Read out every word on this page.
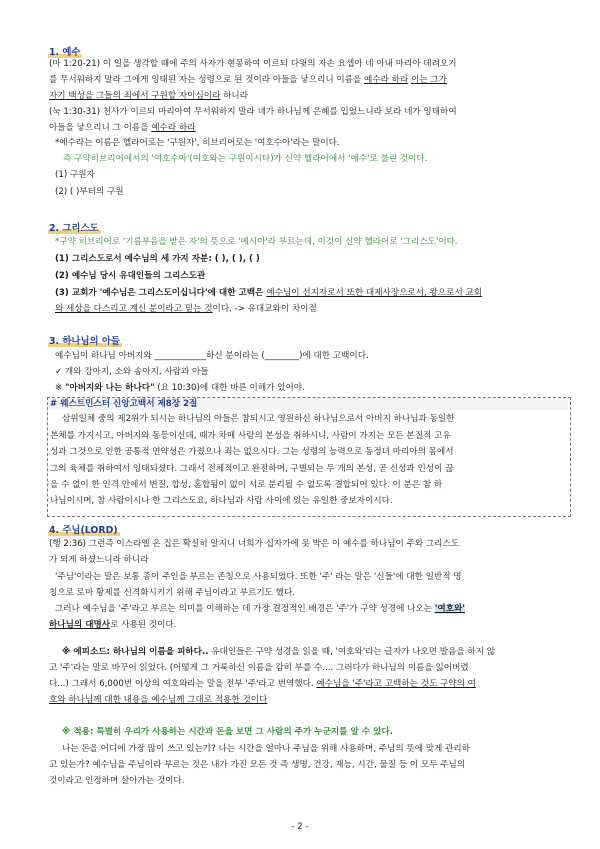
1. 예수
(마 1:20-21) 이 일을 생각할 때에 주의 사자가 현몽하여 이르되 다윗의 자손 요셉아 네 아내 마리아 데려오기
를 무서워하지 말라 그에게 잉태된 자는 성령으로 된 것이라 아들을 낳으리니 이름을 예수라 하라 이는 그가
자기 백성을 그들의 죄에서 구원할 자이심이라 하니라
(눅 1:30-31) 천사가 이르되 마리아여 무서워하지 말라 네가 하나님께 은혜를 입었느니라 보라 네가 잉태하여
아들을 낳으리니 그 이름을 예수라 하라
*예수라는 이름은 헬라어로는 '구원자', 히브리어로는 '여호수아'라는 말이다.
즉 구약히브리어에서의 '여호수아'(여호와는 구원이시다)가 신약 헬라어에서 '예수'로 불린 것이다.
(1) 구원자
(2) ( )부터의 구원
2. 그리스도
*구약 히브리어로 '기름부음을 받은 자'의 뜻으로 '메시아'라 부르는데, 이것이 신약 헬라어로 '그리스도'이다.
(1) 그리스도로서 예수님의 세 가지 자분: ( ), ( ), ( )
(2) 예수님 당시 유대인들의 그리스도관
(3) 교회가 '예수님은 그리스도이십니다'에 대한 고백은 예수님이 선지자로서 또한 대제사장으로서, 왕으로서 교회
와 세상을 다스리고 계신 분이라고 믿는 것이다. -> 유대교와이 차이점
3. 하나님의 아들
예수님이 하나님 아버지와 ____________하신 분이라는 (________)에 대한 고백이다.
✓ 개와 강아지, 소와 송아지, 사람과 아들
※ "아버지와 나는 하나다" (요 10:30)에 대한 바른 이해가 있어야.
# 웨스트민스터 신앙고백서 제8장 2절
삼위일체 중의 제2위가 되시는 하나님의 아들은 참되시고 영원하신 하나님으로서 아버지 하나님과 동일한
본체를 가지시고, 아버지와 동등이신데, 때가 차매 사람의 본성을 취하시니, 사람이 가지는 모든 본질적 고유
성과 그것으로 인한 공통적 연약성은 가졌으나 죄는 없으시다. 그는 성령의 능력으로 동정녀 마리아의 몸에서
그의 육체를 취하여서 잉태되셨다. 그래서 전체적이고 완전하며, 구별되는 두 개의 본성, 곧 신성과 인성이 끊
을 수 없이 한 인격 안에서 변질, 합성, 혼합됨이 없이 서로 분리될 수 없도록 결합되어 있다. 이 분은 참 하
나님이시며, 참 사람이시나 한 그리스도요, 하나님과 사람 사이에 있는 유일한 중보자이시다.
4. 주님(LORD)
(행 2:36) 그런즉 이스라엘 온 집은 확실히 알지니 너희가 십자가에 못 박은 이 예수를 하나님이 주와 그리스도
가 되게 하셨느니라 하니라
'주님'이라는 말은 보통 종이 주인을 부르는 존칭으로 사용되었다. 또한 '주' 라는 말은 '신들'에 대한 일반적 명
칭으로 로마 황제를 신격화시키기 위해 주님이라고 부르기도 했다.
그러나 예수님을 '주'라고 부르는 의미를 이해하는 데 가장 결정적인 배경은 '주'가 구약 성경에 나오는 '여호와'
하나님의 대명사로 사용된 것이다.
※ 에피소드: 하나님의 이름을 피하다.. 유대인들은 구약 성경을 읽을 때, '여호와'라는 글자가 나오면 발음을 하지 않
고 '주'라는 말로 바꾸어 읽었다. (어떻게 그 거룩하신 이름을 감히 부를 수.... 그러다가 하나님의 이름을 잃어버렸
다...) 그래서 6,000번 이상의 여호와라는 말을 전부 '주'라고 번역했다. 예수님을 '주'라고 고백하는 것도 구약의 여
호와 하나님께 대한 내용을 예수님께 그대로 적용한 것이다
※ 적용: 특별히 우리가 사용하는 시간과 돈을 보면 그 사람의 주가 누군지를 알 수 있다.
나는 돈을 어디에 가장 많이 쓰고 있는가? 나는 시간을 얼마나 주님을 위해 사용하며, 주님의 뜻에 맞게 관리하
고 있는가? 예수님을 주님이라 부르는 것은 내가 가진 모든 것 즉 생명, 건강, 재능, 시간, 물질 등 이 모두 주님의
것이라고 인정하며 살아가는 것이다.
- 2 -
